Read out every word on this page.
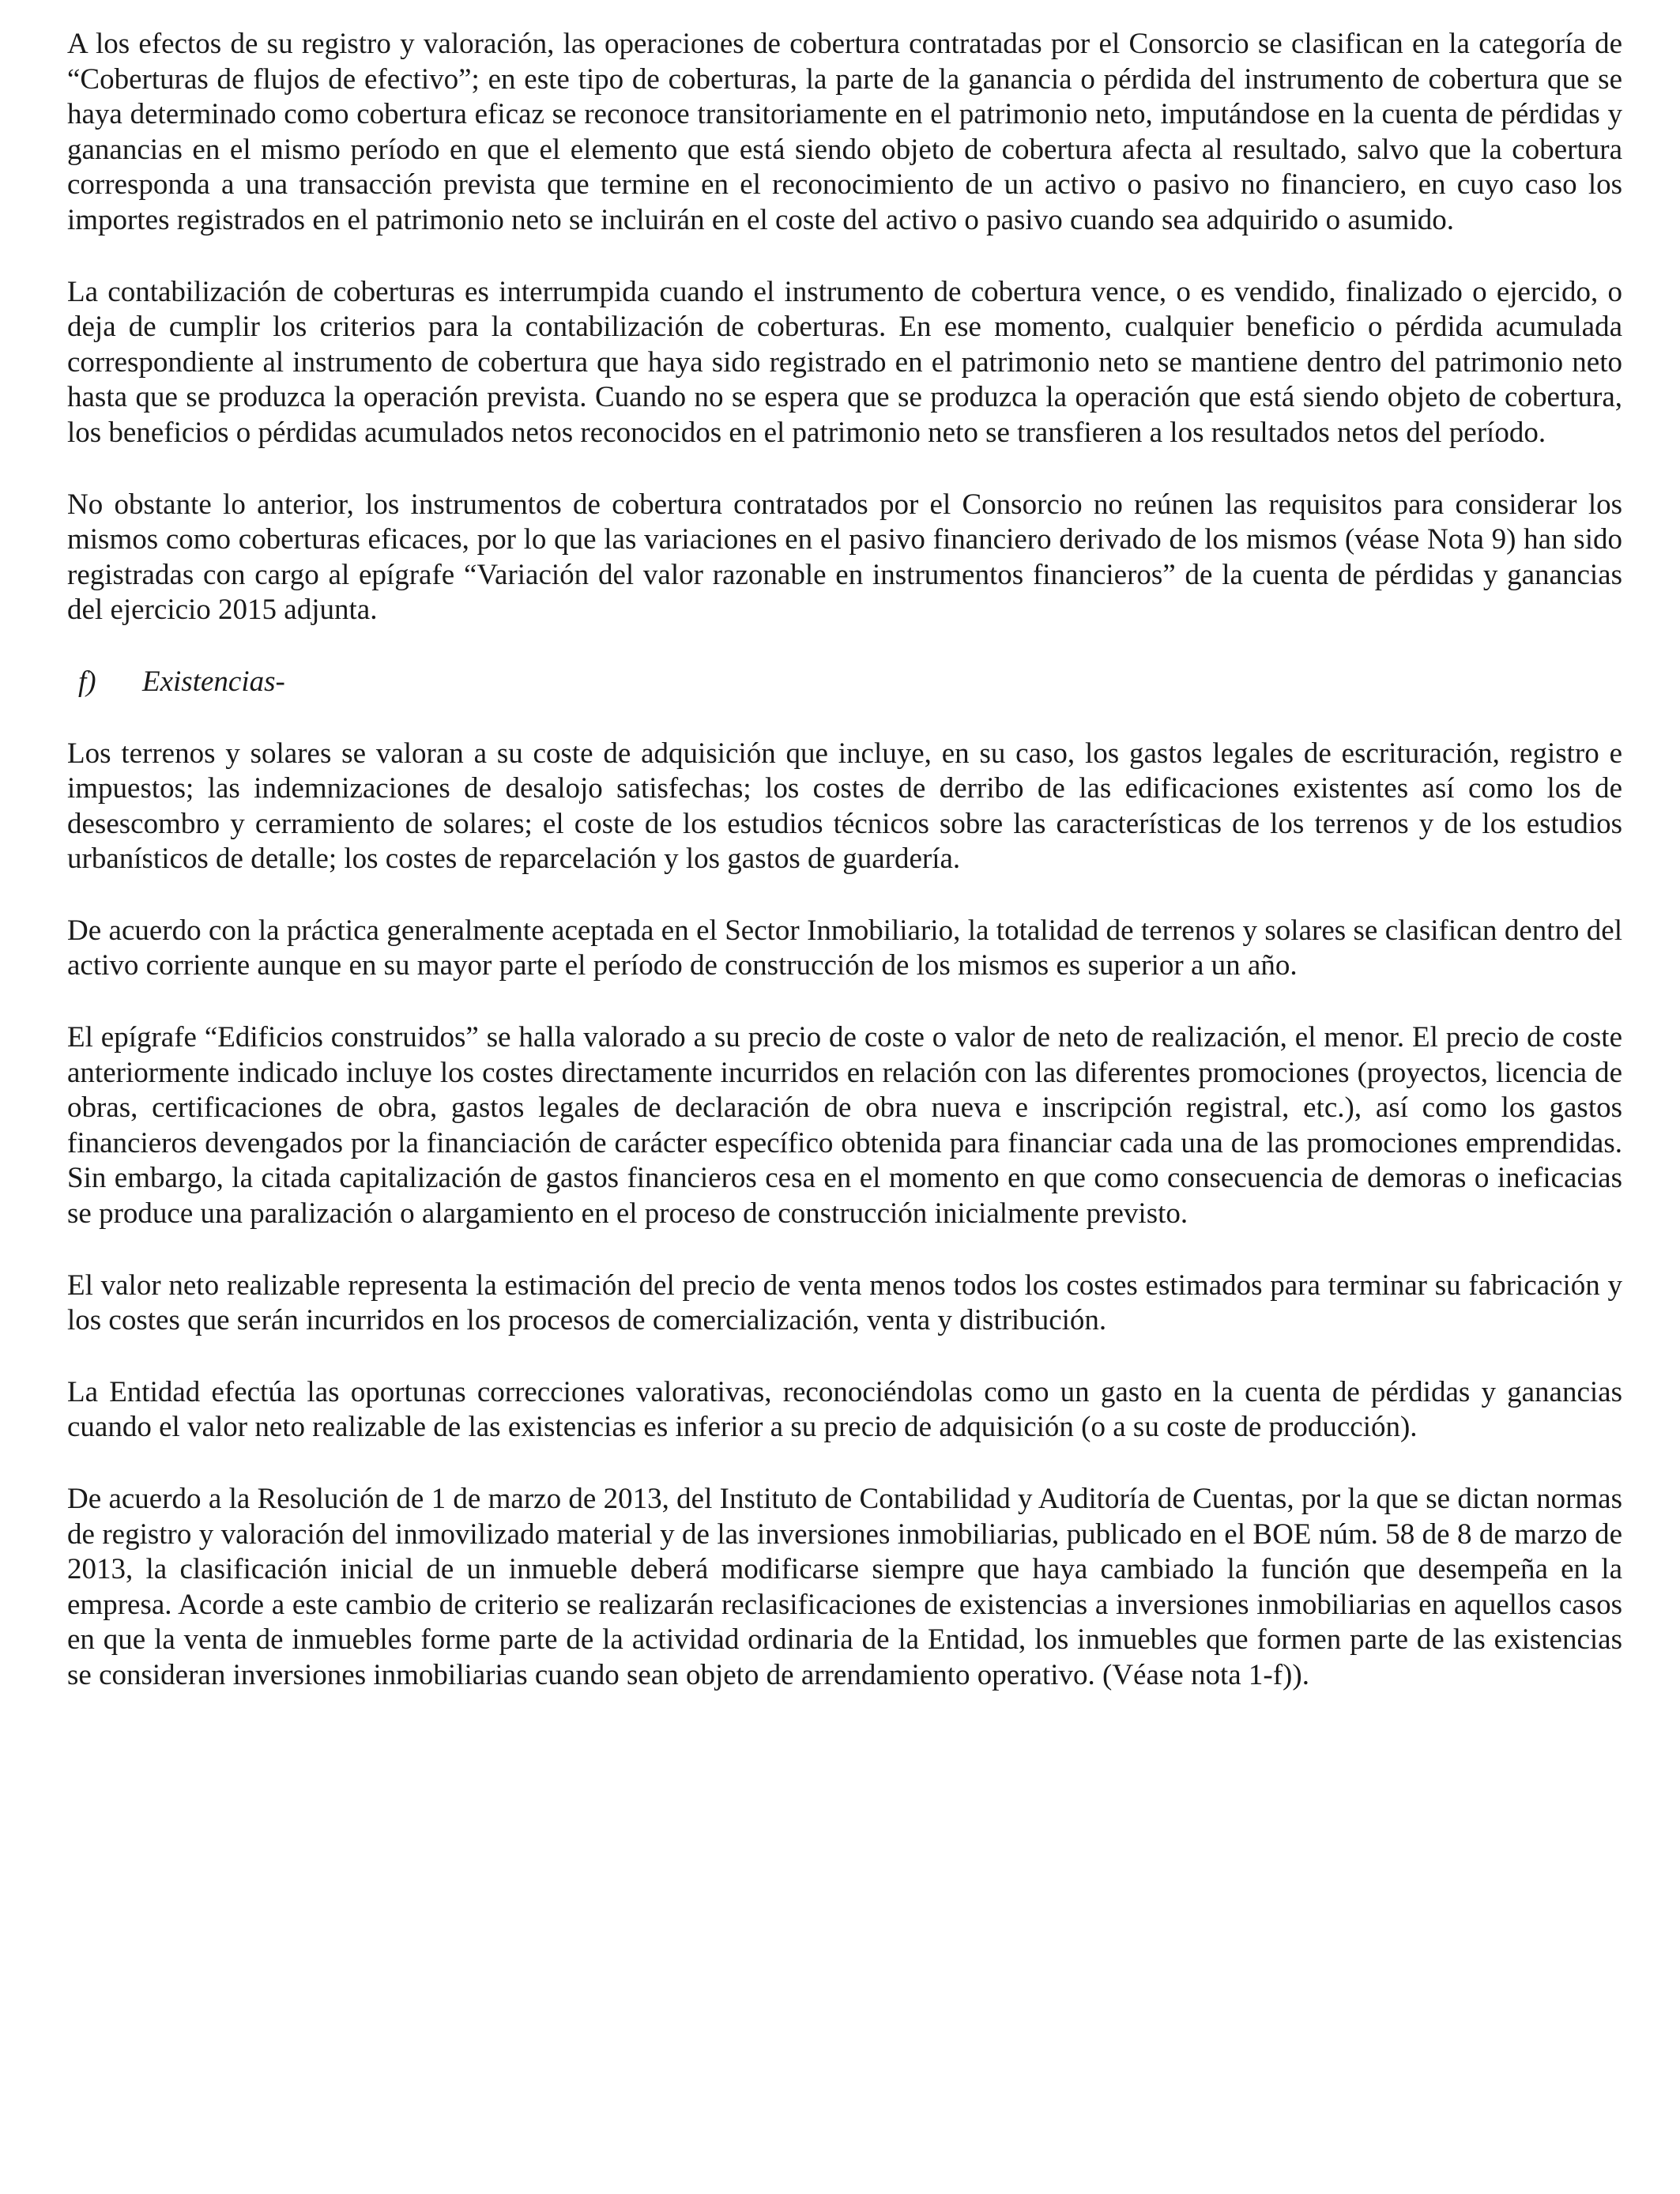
A los efectos de su registro y valoración, las operaciones de cobertura contratadas por el Consorcio se clasifican en la categoría de “Coberturas de flujos de efectivo”; en este tipo de coberturas, la parte de la ganancia o pérdida del instrumento de cobertura que se haya determinado como cobertura eficaz se reconoce transitoriamente en el patrimonio neto, imputándose en la cuenta de pérdidas y ganancias en el mismo período en que el elemento que está siendo objeto de cobertura afecta al resultado, salvo que la cobertura corresponda a una transacción prevista que termine en el reconocimiento de un activo o pasivo no financiero, en cuyo caso los importes registrados en el patrimonio neto se incluirán en el coste del activo o pasivo cuando sea adquirido o asumido.

La contabilización de coberturas es interrumpida cuando el instrumento de cobertura vence, o es vendido, finalizado o ejercido, o deja de cumplir los criterios para la contabilización de coberturas. En ese momento, cualquier beneficio o pérdida acumulada correspondiente al instrumento de cobertura que haya sido registrado en el patrimonio neto se mantiene dentro del patrimonio neto hasta que se produzca la operación prevista. Cuando no se espera que se produzca la operación que está siendo objeto de cobertura, los beneficios o pérdidas acumulados netos reconocidos en el patrimonio neto se transfieren a los resultados netos del período.

No obstante lo anterior, los instrumentos de cobertura contratados por el Consorcio no reúnen las requisitos para considerar los mismos como coberturas eficaces, por lo que las variaciones en el pasivo financiero derivado de los mismos (véase Nota 9) han sido registradas con cargo al epígrafe “Variación del valor razonable en instrumentos financieros” de la cuenta de pérdidas y ganancias del ejercicio 2015 adjunta.

f)	Existencias-

Los terrenos y solares se valoran a su coste de adquisición que incluye, en su caso, los gastos legales de escrituración, registro e impuestos; las indemnizaciones de desalojo satisfechas; los costes de derribo de las edificaciones existentes así como los de desescombro y cerramiento de solares; el coste de los estudios técnicos sobre las características de los terrenos y de los estudios urbanísticos de detalle; los costes de reparcelación y los gastos de guardería.

De acuerdo con la práctica generalmente aceptada en el Sector Inmobiliario, la totalidad de terrenos y solares se clasifican dentro del activo corriente aunque en su mayor parte el período de construcción de los mismos es superior a un año.

El epígrafe “Edificios construidos” se halla valorado a su precio de coste o valor de neto de realización, el menor. El precio de coste anteriormente indicado incluye los costes directamente incurridos en relación con las diferentes promociones (proyectos, licencia de obras, certificaciones de obra, gastos legales de declaración de obra nueva e inscripción registral, etc.), así como los gastos financieros devengados por la financiación de carácter específico obtenida para financiar cada una de las promociones emprendidas. Sin embargo, la citada capitalización de gastos financieros cesa en el momento en que como consecuencia de demoras o ineficacias se produce una paralización o alargamiento en el proceso de construcción inicialmente previsto.

El valor neto realizable representa la estimación del precio de venta menos todos los costes estimados para terminar su fabricación y los costes que serán incurridos en los procesos de comercialización, venta y distribución.

La Entidad efectúa las oportunas correcciones valorativas, reconociéndolas como un gasto en la cuenta de pérdidas y ganancias cuando el valor neto realizable de las existencias es inferior a su precio de adquisición (o a su coste de producción).

De acuerdo a la Resolución de 1 de marzo de 2013, del Instituto de Contabilidad y Auditoría de Cuentas, por la que se dictan normas de registro y valoración del inmovilizado material y de las inversiones inmobiliarias, publicado en el BOE núm. 58 de 8 de marzo de 2013, la clasificación inicial de un inmueble deberá modificarse siempre que haya cambiado la función que desempeña en la empresa. Acorde a este cambio de criterio se realizarán reclasificaciones de existencias a inversiones inmobiliarias en aquellos casos en que la venta de inmuebles forme parte de la actividad ordinaria de la Entidad, los inmuebles que formen parte de las existencias se consideran inversiones inmobiliarias cuando sean objeto de arrendamiento operativo. (Véase nota 1-f)).
